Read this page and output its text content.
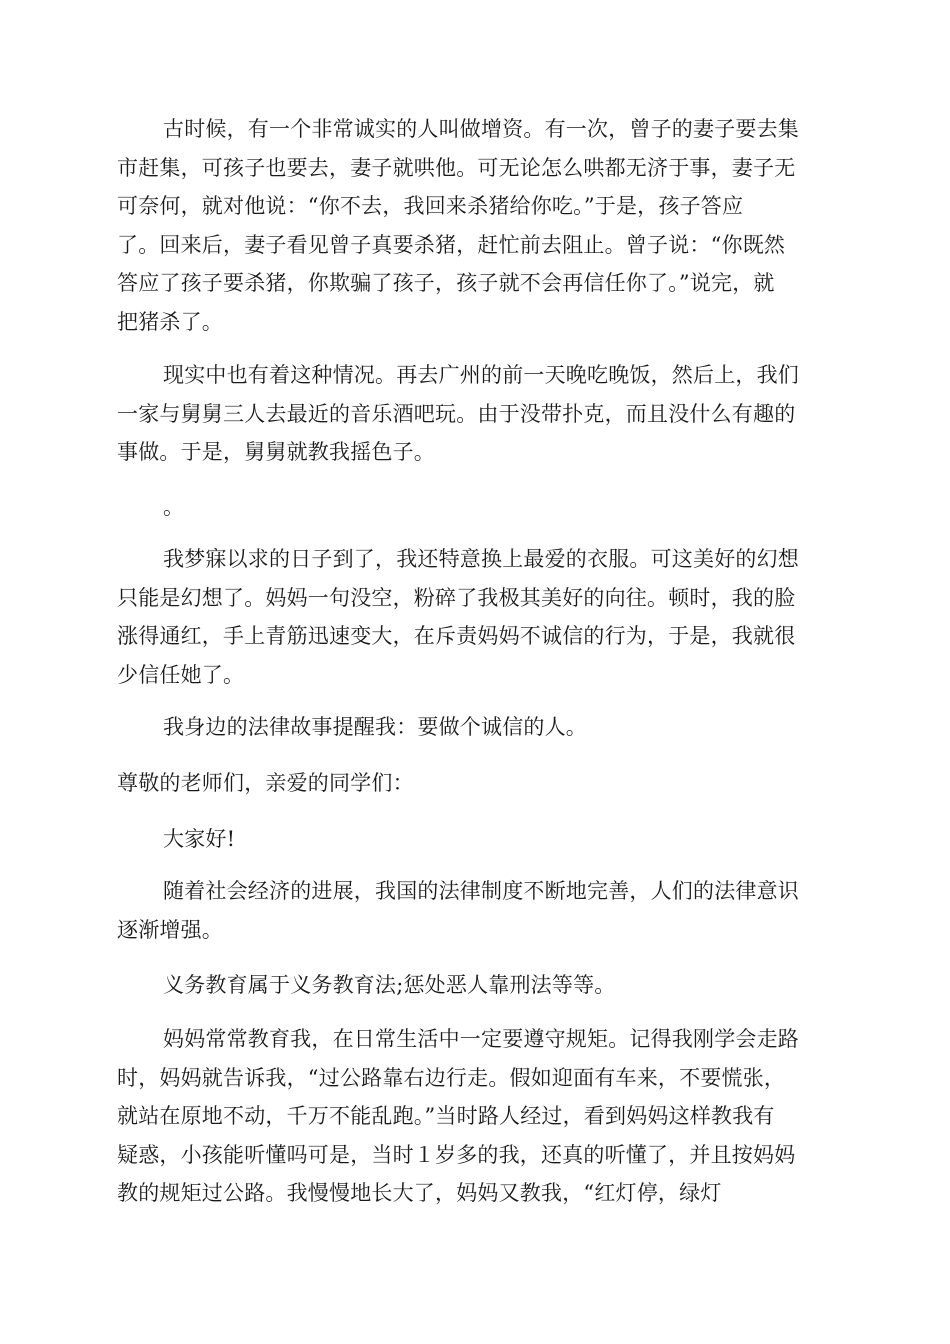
古时候，有一个非常诚实的人叫做增资。有一次，曾子的妻子要去集
市赶集，可孩子也要去，妻子就哄他。可无论怎么哄都无济于事，妻子无
可奈何，就对他说：“你不去，我回来杀猪给你吃。”于是，孩子答应
了。回来后，妻子看见曾子真要杀猪，赶忙前去阻止。曾子说：“你既然
答应了孩子要杀猪，你欺骗了孩子，孩子就不会再信任你了。”说完，就
把猪杀了。
现实中也有着这种情况。再去广州的前一天晚吃晚饭，然后上，我们
一家与舅舅三人去最近的音乐酒吧玩。由于没带扑克，而且没什么有趣的
事做。于是，舅舅就教我摇色子。
。
我梦寐以求的日子到了，我还特意换上最爱的衣服。可这美好的幻想
只能是幻想了。妈妈一句没空，粉碎了我极其美好的向往。顿时，我的脸
涨得通红，手上青筋迅速变大，在斥责妈妈不诚信的行为，于是，我就很
少信任她了。
我身边的法律故事提醒我：要做个诚信的人。
尊敬的老师们，亲爱的同学们：
大家好!
随着社会经济的进展，我国的法律制度不断地完善，人们的法律意识
逐渐增强。
义务教育属于义务教育法;惩处恶人靠刑法等等。
妈妈常常教育我，在日常生活中一定要遵守规矩。记得我刚学会走路
时，妈妈就告诉我，“过公路靠右边行走。假如迎面有车来，不要慌张，
就站在原地不动，千万不能乱跑。”当时路人经过，看到妈妈这样教我有
疑惑，小孩能听懂吗可是，当时１岁多的我，还真的听懂了，并且按妈妈
教的规矩过公路。我慢慢地长大了，妈妈又教我，“红灯停，绿灯
